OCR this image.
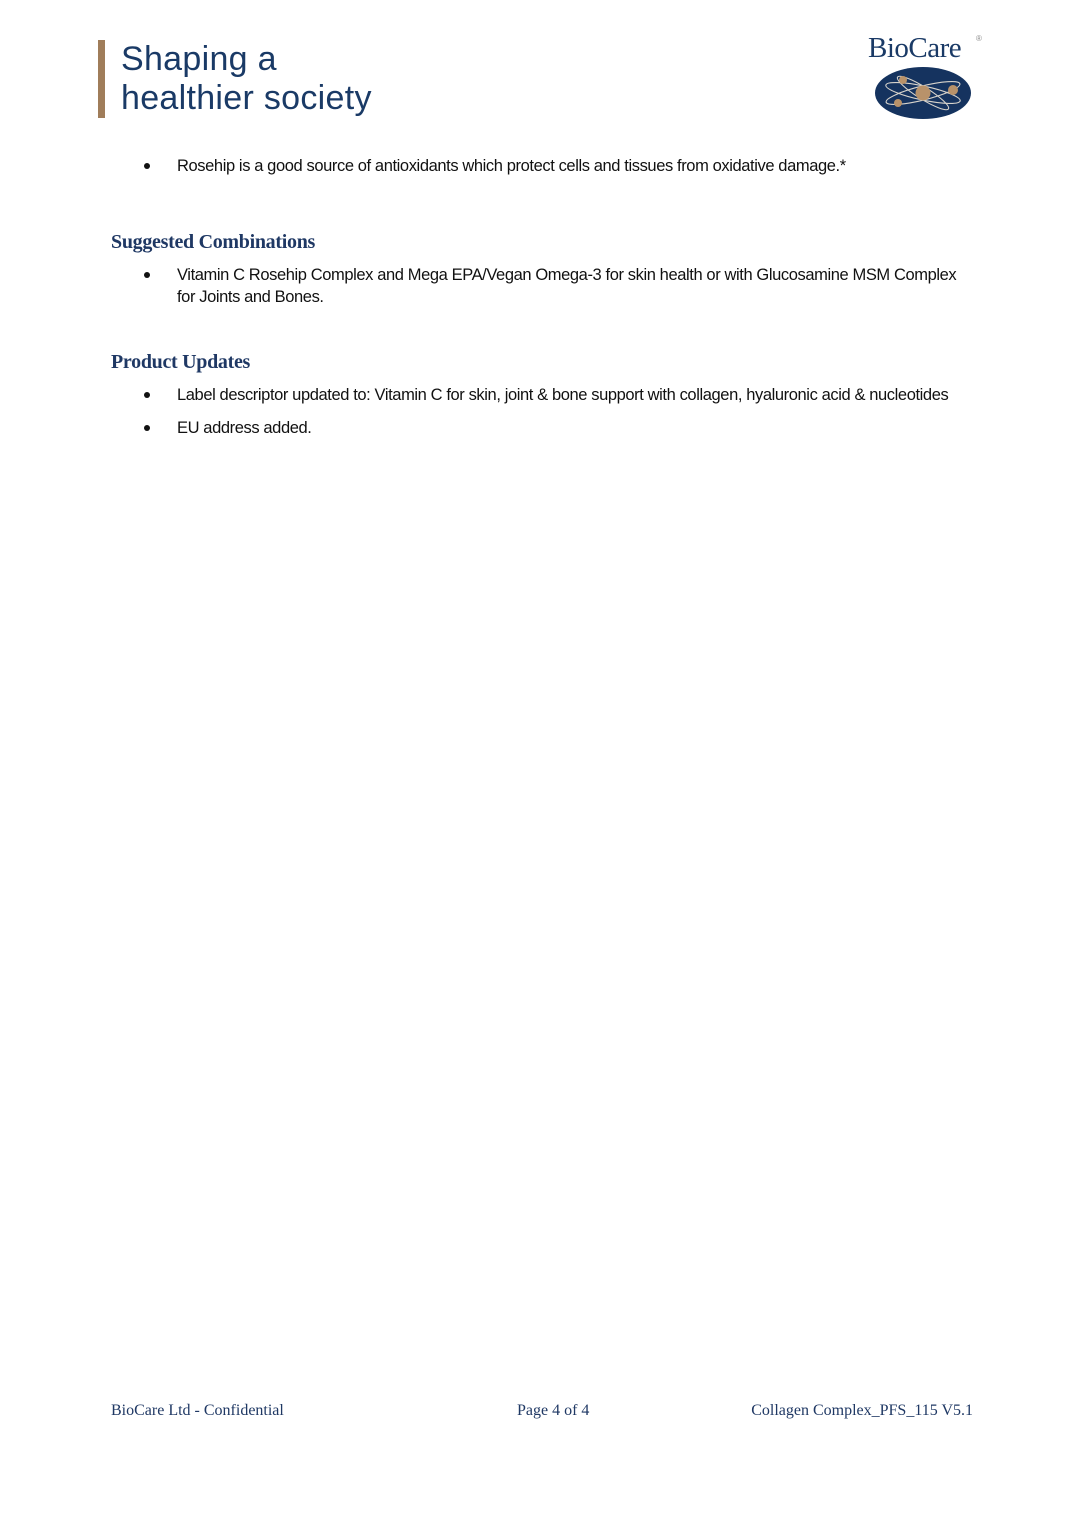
Shaping a
healthier society
BioCare ®
Rosehip is a good source of antioxidants which protect cells and tissues from oxidative damage.*
Suggested Combinations
Vitamin C Rosehip Complex and Mega EPA/Vegan Omega-3 for skin health or with Glucosamine MSM Complex for Joints and Bones.
Product Updates
Label descriptor updated to: Vitamin C for skin, joint & bone support with collagen, hyaluronic acid & nucleotides
EU address added.
BioCare Ltd - Confidential	Page 4 of 4	Collagen Complex_PFS_115 V5.1
